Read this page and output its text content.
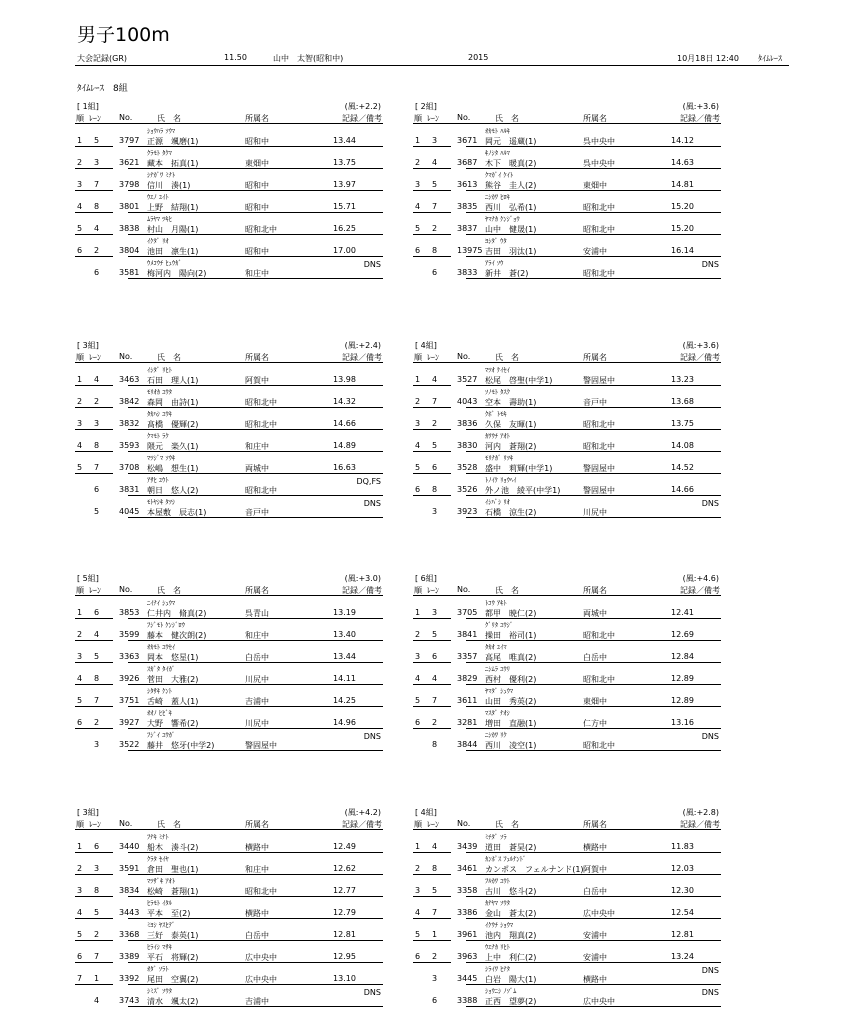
男子100m
大会記録(GR)	11.50	山中　太智(昭和中)	2015	10月18日 12:40 ﾀｲﾑﾚｰｽ
ﾀｲﾑﾚｰｽ　8組
[ 1組]	(風:+2.2)
順 ﾚｰﾝ No.	氏　名	所属名	記録／備考
ｼｮｳﾊﾗ ｿｳﾏ
1 5 3797 正源　颯磨(1)	昭和中	13.44
ｸﾗﾓﾄ ﾀｸﾏ
2 3 3621 藏本　拓真(1)	東畑中	13.75
ｼﾅｶﾞﾜ ﾐﾅﾄ
3 7 3798 信川　湊(1)	昭和中	13.97
ｳｴﾉ ﾕｲﾄ
4 8 3801 上野　結翔(1)	昭和中	15.71
ﾑﾗﾔﾏ ﾂｷﾋ
5 4 3838 村山　月陽(1)	昭和北中	16.25
ｲｹﾀﾞ ﾘｵ
6 2 3804 池田　凛生(1)	昭和中	17.00
ｳﾒｺｳﾁ ﾋｭｳｶﾞ
6 3581 梅河内　陽向(2)	和庄中
DNS
[ 2組]	(風:+3.6)
順 ﾚｰﾝ No.	氏　名	所属名	記録／備考
ｵｶﾓﾄ ﾊﾙｷ
1 3 3671 岡元　遥蔵(1)	呉中央中	14.12
ｷﾉｼﾀ ﾊﾙﾏ
2 4 3687 木下　暖真(2)	呉中央中	14.63
ｸﾏｶﾞｲ ｹｲﾄ
3 5 3613 熊谷　圭人(2)	東畑中	14.81
ﾆｼｶﾜ ﾋﾛｷ
4 7 3835 西川　弘希(1)	昭和北中	15.20
ﾔﾏﾅｶ ｹﾝｼﾞｮｳ
5 2 3837 山中　健晟(1)	昭和北中	15.20
ﾖｼﾀﾞ ｳﾀ
6 8 13975 吉田　羽汰(1)	安浦中	16.14
ｱﾗｲ ｿｳ
6 3833 新井　蒼(2)	昭和北中
DNS
[ 3組]	(風:+2.4)
順 ﾚｰﾝ No.	氏　名	所属名	記録／備考
ｲｼﾀﾞ ﾘﾋﾄ
1 4 3463 石田　理人(1)	阿賀中	13.98
ﾓﾘｵｶ ﾕｳﾀ
2 2 3842 森岡　由詩(1)	昭和北中	14.32
ﾀｶﾊｼ ﾕｳｷ
3 3 3832 髙橋　優輝(2)	昭和北中	14.66
ｸﾏﾓﾄ ﾗｸ
4 8 3593 隈元　楽久(1)	和庄中	14.89
ﾏﾂｼﾞﾏ ｿｳｷ
5 7 3708 松嶋　想生(1)	両城中	16.63
ｱｻﾋ ﾕｳﾄ
6 3831 朝日　悠人(2)	昭和北中
DQ,FS
ﾓﾄﾔｼｷ ﾀﾂｼ
5 4045 本屋敷　辰志(1)	音戸中
DNS
[ 4組]	(風:+3.6)
順 ﾚｰﾝ No.	氏　名	所属名	記録／備考
ﾏﾂｵ ｹｲｾｲ
1 4 3527 松尾　啓聖(中学1)	警固屋中	13.23
ｿﾉﾓﾄ ﾀｽｸ
2 7 4043 空本　壽助(1)	音戸中	13.68
ｸﾎﾞ ﾄﾓｷ
3 2 3836 久保　友暉(1)	昭和北中	13.75
ｶﾜｳﾁ ｱｵﾄ
4 5 3830 河内　蒼翔(2)	昭和北中	14.08
ﾓﾘﾅｶﾞ ﾘﾂｷ
5 6 3528 盛中　莉輝(中学1)	警固屋中	14.52
ﾄﾉｲｹ ﾘｮｳﾍｲ
6 8 3526 外ノ池　綾平(中学1)	警固屋中	14.66
ｲｼﾊﾞｼ ﾘｵ
3 3923 石橋　涼生(2)	川尻中
DNS
[ 5組]	(風:+3.0)
順 ﾚｰﾝ No.	氏　名	所属名	記録／備考
ﾆｲﾅｲ ｼｭｳﾏ
1 6 3853 仁井内　脩真(2)	呉青山	13.19
ﾌｼﾞﾓﾄ ｹﾝｼﾞﾛｳ
2 4 3599 藤本　健次朗(2)	和庄中	13.40
ｵｶﾓﾄ ﾕｳｾｲ
3 5 3363 岡本　悠星(1)	白岳中	13.44
ｽｶﾞﾀ ﾀｲｶﾞ
4 8 3926 菅田　大雅(2)	川尻中	14.11
ｼﾀｻｷ ｹﾝﾄ
5 7 3751 舌崎　蓋人(1)	吉浦中	14.25
ｵｵﾉ ﾋﾋﾞｷ
6 2 3927 大野　響希(2)	川尻中	14.96
ﾌｼﾞｲ ﾕｳｶﾞ
3 3522 藤井　悠牙(中学2)	警固屋中
DNS
[ 6組]	(風:+4.6)
順 ﾚｰﾝ No.	氏　名	所属名	記録／備考
ﾄｺｳ ｱｷﾄ
1 3 3705 都甲　暁仁(2)	両城中	12.41
ｸﾞﾘﾀ ﾕｳｼﾞ
2 5 3841 操田　裕司(1)	昭和北中	12.69
ﾀｶｵ ﾕｲﾏ
3 6 3357 高尾　唯真(2)	白岳中	12.84
ﾆｼﾑﾗ ﾕｳﾘ
4 4 3829 西村　優利(2)	昭和北中	12.89
ﾔﾏﾀﾞ ｼｭｳﾏ
5 7 3611 山田　秀英(2)	東畑中	12.89
ﾏｽﾀﾞ ﾅｵｼ
6 2 3281 増田　直融(1)	仁方中	13.16
ﾆｼｶﾜ ﾘｸ
8 3844 西川　凌空(1)	昭和北中
DNS
[ 3組]	(風:+4.2)
順 ﾚｰﾝ No.	氏　名	所属名	記録／備考
ﾌﾅｷ ﾐﾅﾄ
1 6 3440 船木　湊斗(2)	横路中	12.49
ｸﾗﾀ ｾｲﾔ
2 3 3591 倉田　聖也(1)	和庄中	12.62
ﾏﾂｻﾞｷ ｱｵﾄ
3 8 3834 松崎　蒼翔(1)	昭和北中	12.77
ﾋﾗﾓﾄ ｲﾀﾙ
4 5 3443 平本　至(2)	横路中	12.79
ﾐﾖｼ ﾔｽﾋﾃﾞ
5 2 3368 三好　泰英(1)	白岳中	12.81
ﾋﾗｲｼ ﾏｻｷ
6 7 3389 平石　将輝(2)	広中央中	12.95
ｵﾀﾞ ｿﾗﾄ
7 1 3392 尾田　空翼(2)	広中央中	13.10
ｼﾐｽﾞ ｿｳﾀ
4 3743 清水　颯太(2)	吉浦中
DNS
[ 4組]	(風:+2.8)
順 ﾚｰﾝ No.	氏　名	所属名	記録／備考
ﾐﾁﾀﾞ ｿﾗ
1 4 3439 道田　蒼昊(2)	横路中	11.83
ｶﾝﾎﾟｽ ﾌｪﾙﾅﾝﾄﾞ
2 8 3461 カンポス　フェルナンド(1) 阿賀中	12.03
ﾌﾙｶﾜ ﾕｳﾄ
3 5 3358 古川　悠斗(2)	白岳中	12.30
ｶﾅﾔﾏ ｿｳﾀ
4 7 3386 金山　蒼太(2)	広中央中	12.54
ｲｹｳﾁ ｼｮｳﾏ
5 1 3961 池内　翔真(2)	安浦中	12.81
ｳｴﾅｶ ﾘﾋﾄ
6 2 3963 上中　利仁(2)	安浦中	13.24
ｼﾗｲﾜ ﾋﾅﾀ
3 3445 白岩　陽大(1)	横路中
DNS
ｼｮｳﾆｼ ﾉｿﾞﾑ
6 3388 正西　望夢(2)	広中央中
DNS
